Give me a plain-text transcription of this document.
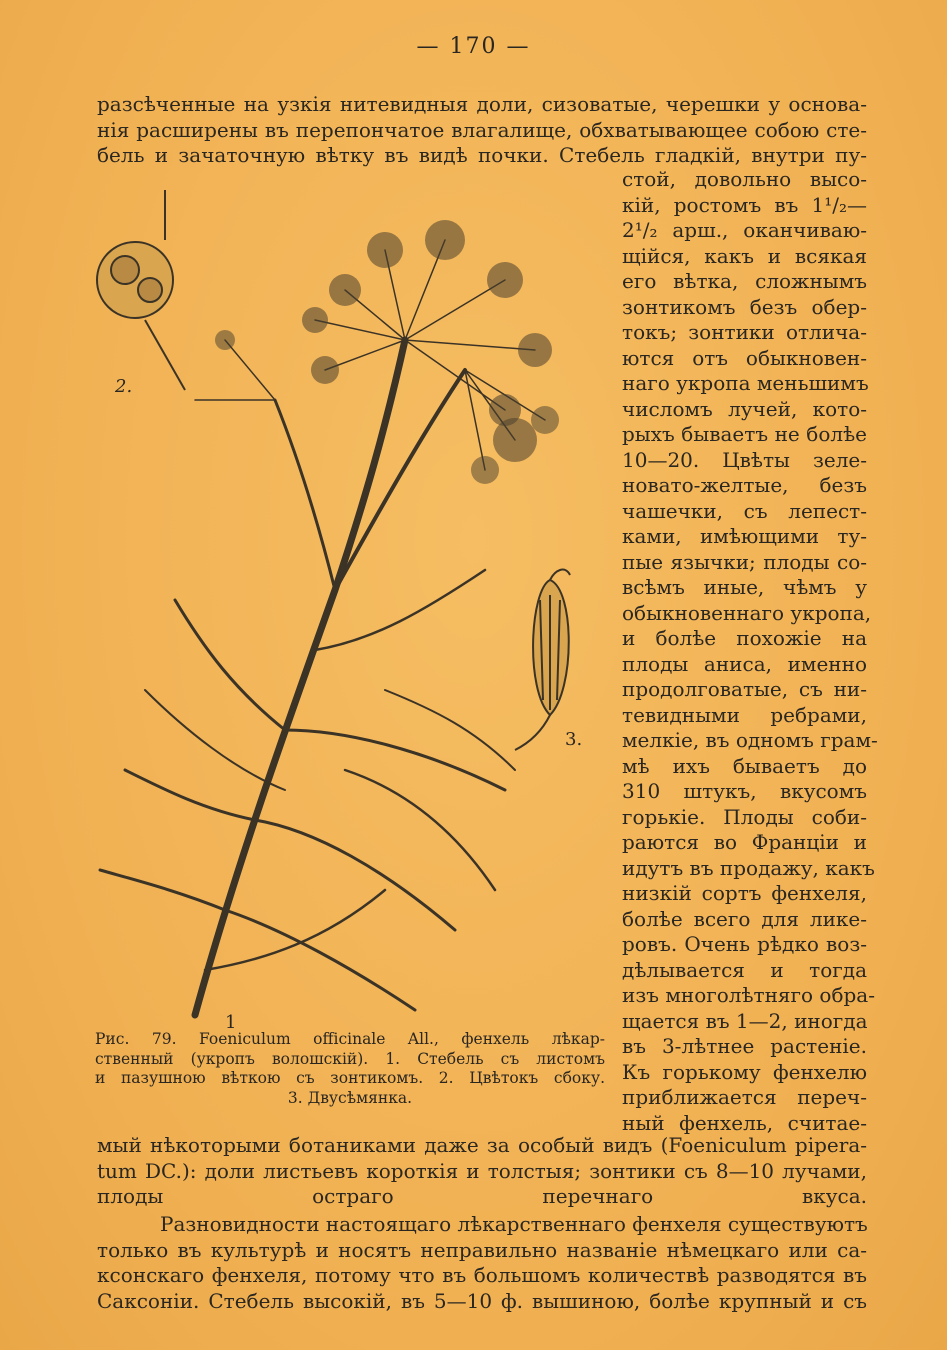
— 170 —
разсѣченные на узкія нитевидныя доли, сизоватые, черешки у основа-
нія расширены въ перепончатое влагалище, обхватывающее собою сте-
бель и зачаточную вѣтку въ видѣ почки. Стебель гладкій, внутри пу-
стой, довольно высо-
кій, ростомъ въ 1¹/₂—
2¹/₂ арш., оканчиваю-
щійся, какъ и всякая
его вѣтка, сложнымъ
зонтикомъ безъ обер-
токъ; зонтики отлича-
ются отъ обыкновен-
наго укропа меньшимъ
числомъ лучей, кото-
рыхъ бываетъ не болѣе
10—20. Цвѣты зеле-
новато-желтые, безъ
чашечки, съ лепест-
ками, имѣющими ту-
пые язычки; плоды со-
всѣмъ иные, чѣмъ у
обыкновеннаго укропа,
и болѣе похожіе на
плоды аниса, именно
продолговатые, съ ни-
тевидными ребрами,
мелкіе, въ одномъ грам-
мѣ ихъ бываетъ до
310 штукъ, вкусомъ
горькіе. Плоды соби-
раются во Франціи и
идутъ въ продажу, какъ
низкій сортъ фенхеля,
болѣе всего для лике-
ровъ. Очень рѣдко воз-
дѣлывается и тогда
изъ многолѣтняго обра-
щается въ 1—2, иногда
въ 3-лѣтнее растеніе.
Къ горькому фенхелю
приближается переч-
ный фенхель, считае-
мый нѣкоторыми ботаниками даже за особый видъ (Foeniculum pipera-
tum DC.): доли листьевъ короткія и толстыя; зонтики съ 8—10 лучами,
плоды остраго перечнаго вкуса.
Разновидности настоящаго лѣкарственнаго фенхеля существуютъ
только въ культурѣ и носятъ неправильно названіе нѣмецкаго или са-
ксонскаго фенхеля, потому что въ большомъ количествѣ разводятся въ
Саксоніи. Стебель высокій, въ 5—10 ф. вышиною, болѣе крупный и съ
2.
3.
1
Рис. 79. Foeniculum officinale All., фенхель лѣкар-
ственный (укропъ волошскій). 1. Стебель съ листомъ
и пазушною вѣткою съ зонтикомъ. 2. Цвѣтокъ сбоку.
3. Двусѣмянка.
